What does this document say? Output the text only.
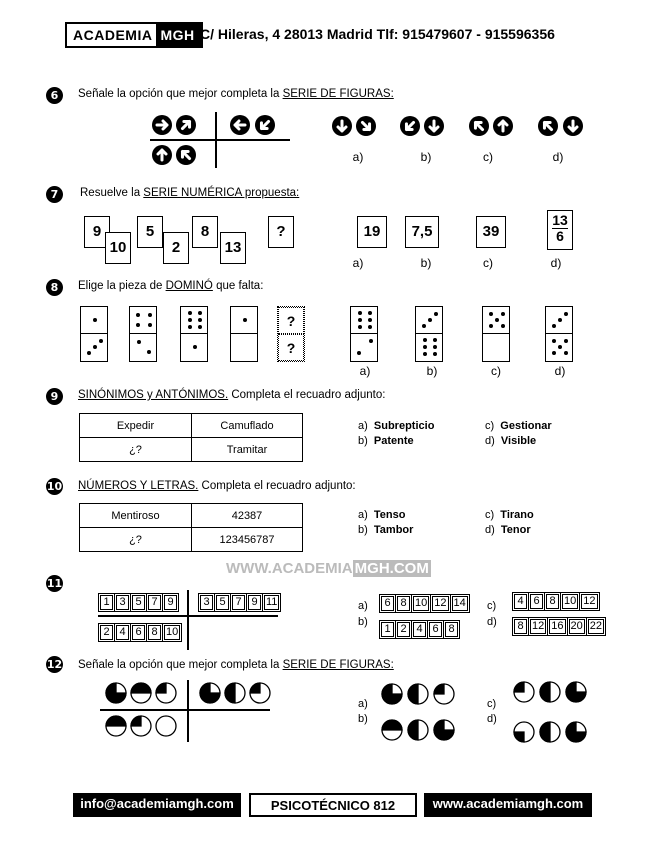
ACADEMIA MGH C/ Hileras, 4 28013 Madrid Tlf: 915479607 - 915596356
6	Señale la opción que mejor completa la SERIE DE FIGURAS:
a)	b)	c)	d)
7	Resuelve la SERIE NUMÉRICA propuesta:
9
10
5
2
8
13
?	19	7,5	39	$\frac{13}{6}$
a)	b)	c)	d)
8	Elige la pieza de DOMINÓ que falta:
?
?
a)	b)	c)	d)
9	SINÓNIMOS y ANTÓNIMOS. Completa el recuadro adjunto:
Expedir	Camuflado
¿?	Tramitar
a) Subrepticio
b) Patente
c) Gestionar
d) Visible
10 NÚMEROS Y LETRAS. Completa el recuadro adjunto:
Mentiroso	42387
¿?	123456787
a) Tenso
b) Tambor
c) Tirano
d) Tenor
WWW.ACADEMIA MGH.COM
11
1 3 5 7 9	3 5 7 9 11
2 4 6 8 10
a)
b)
c)
d)
6 8 10 12 14
1 2 4 6 8
4 6 8 10 12
8 12 16 20 22
12 Señale la opción que mejor completa la SERIE DE FIGURAS:
a)
b)
c)
d)
info@academiamgh.com	PSICOTÉCNICO 812	www.academiamgh.com
